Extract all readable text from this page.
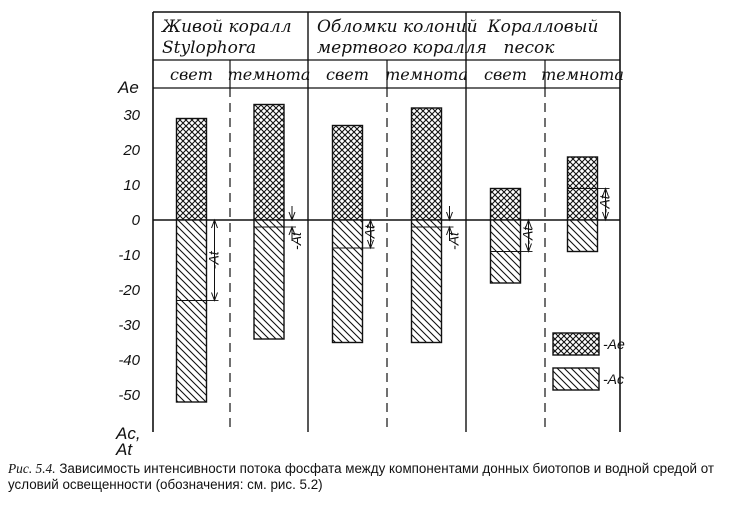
Живой коралл
Stylophora
свет темнота
Обломки колоний
мертвого коралля
свет темнота
Коралловый
песок
свет темнота
Ae
30
20
10
0
-10
-20
-30
-40
-50
Ac,
At
-At
-At	-At	-At	-At
-At
-Ae
-Ac
Рис. 5.4. Зависимость интенсивности потока фосфата между компонентами донных биотопов и водной средой от условий освещенности (обозначения: см. рис. 5.2)
